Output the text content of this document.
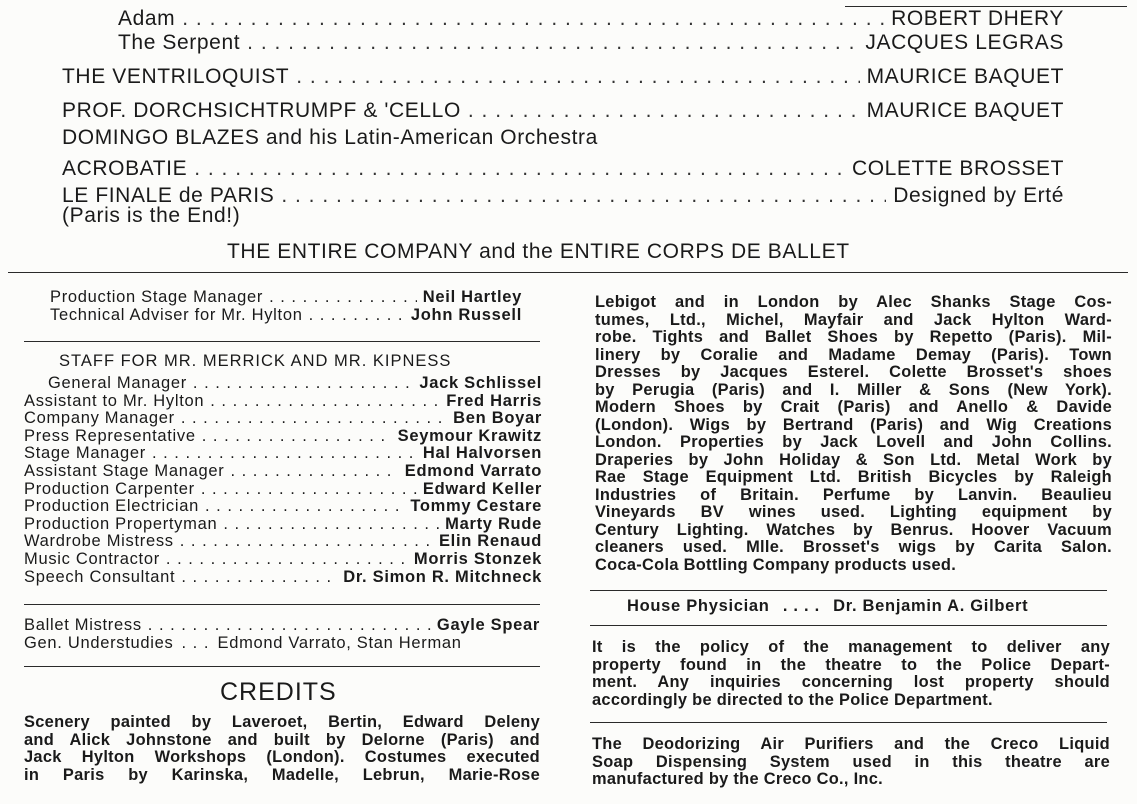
Adam . . .	ROBERT DHERY
The Serpent . . .	JACQUES LEGRAS
THE VENTRILOQUIST . . .	MAURICE BAQUET
PROF. DORCHSICHTRUMPF & 'CELLO . . .	MAURICE BAQUET
DOMINGO BLAZES and his Latin-American Orchestra
ACROBATIE . . .	COLETTE BROSSET
LE FINALE de PARIS . . .	Designed by Erté
(Paris is the End!)
THE ENTIRE COMPANY and the ENTIRE CORPS DE BALLET
Production Stage Manager . . .	Neil Hartley
Technical Adviser for Mr. Hylton . . .	John Russell
STAFF FOR MR. MERRICK AND MR. KIPNESS
General Manager . . .	Jack Schlissel
Assistant to Mr. Hylton . . .	Fred Harris
Company Manager . . .	Ben Boyar
Press Representative . . .	Seymour Krawitz
Stage Manager . . .	Hal Halvorsen
Assistant Stage Manager . . .	Edmond Varrato
Production Carpenter . . .	Edward Keller
Production Electrician . . .	Tommy Cestare
Production Propertyman . . .	Marty Rude
Wardrobe Mistress . . .	Elin Renaud
Music Contractor . . .	Morris Stonzek
Speech Consultant . . .	Dr. Simon R. Mitchneck
Ballet Mistress . . .	Gayle Spear
Gen. Understudies . . .	Edmond Varrato, Stan Herman
CREDITS
Scenery painted by Laveroet, Bertin, Edward Deleny
and Alick Johnstone and built by Delorne (Paris) and
Jack Hylton Workshops (London). Costumes executed
in Paris by Karinska, Madelle, Lebrun, Marie-Rose
Lebigot and in London by Alec Shanks Stage Cos-
tumes, Ltd., Michel, Mayfair and Jack Hylton Ward-
robe. Tights and Ballet Shoes by Repetto (Paris). Mil-
linery by Coralie and Madame Demay (Paris). Town
Dresses by Jacques Esterel. Colette Brosset's shoes
by Perugia (Paris) and I. Miller & Sons (New York).
Modern Shoes by Crait (Paris) and Anello & Davide
(London). Wigs by Bertrand (Paris) and Wig Creations
London. Properties by Jack Lovell and John Collins.
Draperies by John Holiday & Son Ltd. Metal Work by
Rae Stage Equipment Ltd. British Bicycles by Raleigh
Industries of Britain. Perfume by Lanvin. Beaulieu
Vineyards BV wines used. Lighting equipment by
Century Lighting. Watches by Benrus. Hoover Vacuum
cleaners used. Mlle. Brosset's wigs by Carita Salon.
Coca-Cola Bottling Company products used.
House Physician . . . . Dr. Benjamin A. Gilbert
It is the policy of the management to deliver any
property found in the theatre to the Police Depart-
ment. Any inquiries concerning lost property should
accordingly be directed to the Police Department.
The Deodorizing Air Purifiers and the Creco Liquid
Soap Dispensing System used in this theatre are
manufactured by the Creco Co., Inc.
